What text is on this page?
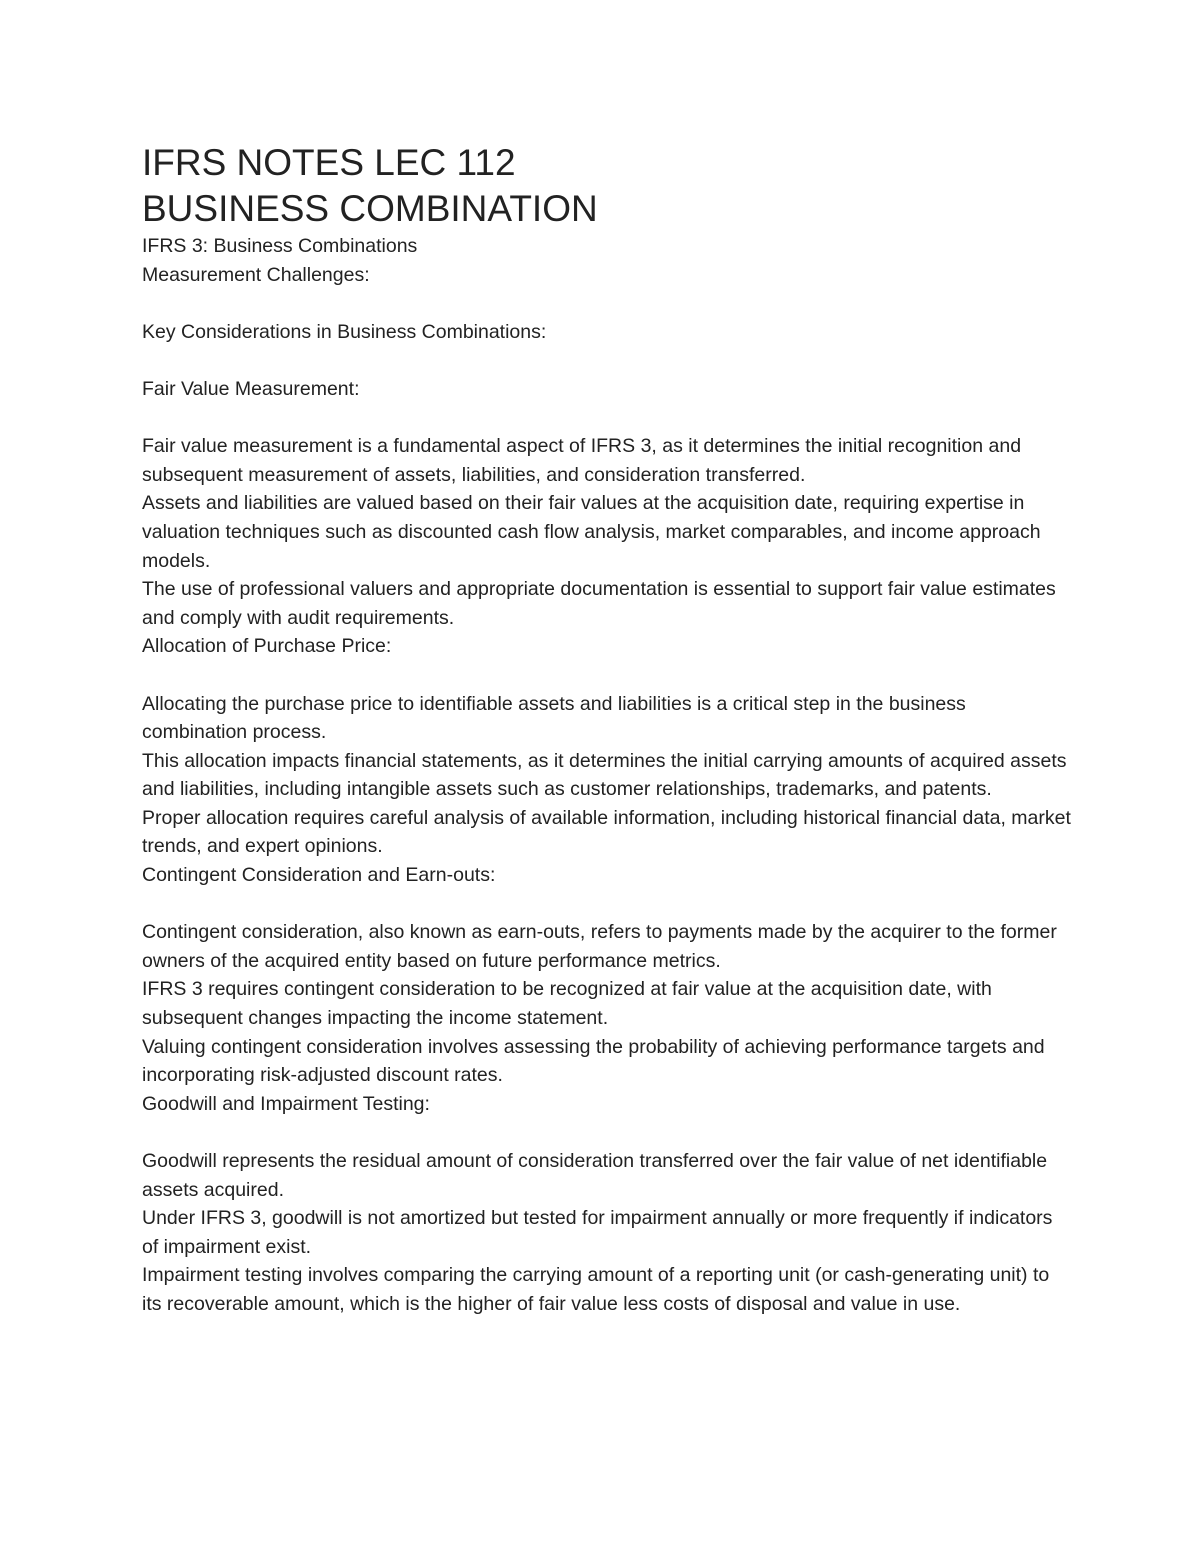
IFRS NOTES LEC 112
BUSINESS COMBINATION

IFRS 3: Business Combinations

Measurement Challenges:

Key Considerations in Business Combinations:

Fair Value Measurement:

Fair value measurement is a fundamental aspect of IFRS 3, as it determines the initial recognition and subsequent measurement of assets, liabilities, and consideration transferred.

Assets and liabilities are valued based on their fair values at the acquisition date, requiring expertise in valuation techniques such as discounted cash flow analysis, market comparables, and income approach models.

The use of professional valuers and appropriate documentation is essential to support fair value estimates and comply with audit requirements.

Allocation of Purchase Price:

Allocating the purchase price to identifiable assets and liabilities is a critical step in the business combination process.

This allocation impacts financial statements, as it determines the initial carrying amounts of acquired assets and liabilities, including intangible assets such as customer relationships, trademarks, and patents.

Proper allocation requires careful analysis of available information, including historical financial data, market trends, and expert opinions.

Contingent Consideration and Earn-outs:

Contingent consideration, also known as earn-outs, refers to payments made by the acquirer to the former owners of the acquired entity based on future performance metrics.

IFRS 3 requires contingent consideration to be recognized at fair value at the acquisition date, with subsequent changes impacting the income statement.

Valuing contingent consideration involves assessing the probability of achieving performance targets and incorporating risk-adjusted discount rates.

Goodwill and Impairment Testing:

Goodwill represents the residual amount of consideration transferred over the fair value of net identifiable assets acquired.

Under IFRS 3, goodwill is not amortized but tested for impairment annually or more frequently if indicators of impairment exist.

Impairment testing involves comparing the carrying amount of a reporting unit (or cash-generating unit) to its recoverable amount, which is the higher of fair value less costs of disposal and value in use.
